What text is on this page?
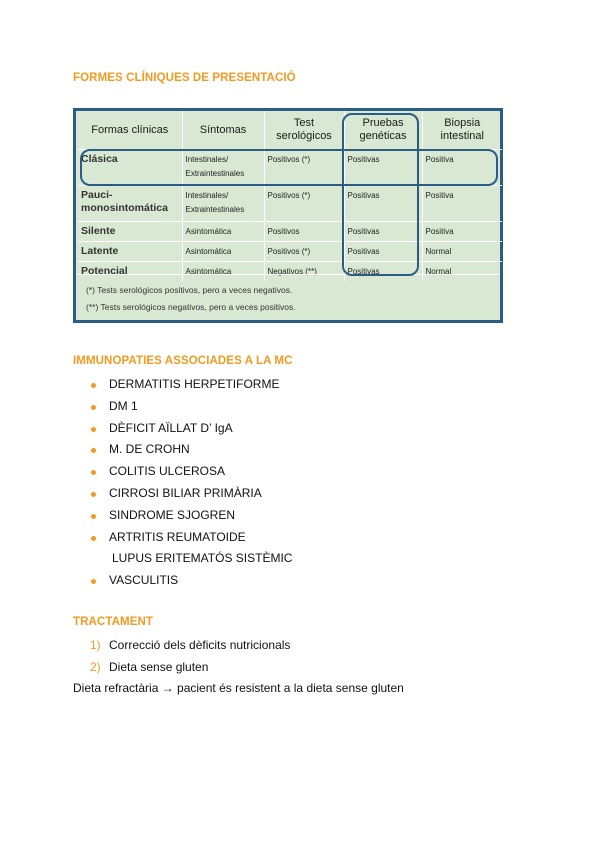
FORMES CLÍNIQUES DE PRESENTACIÓ
Formas clínicas	Síntomas	Test serológicos	Pruebas genéticas	Biopsia intestinal
Clásica	Intestinales/ Extraintestinales	Positivos (*)	Positivas	Positiva
Pauci-monosintomática	Intestinales/ Extraintestinales	Positivos (*)	Positivas	Positiva
Silente	Asintomática	Positivos	Positivas	Positiva
Latente	Asintomática	Positivos (*)	Positivas	Normal
Potencial	Asintomática	Negativos (**)	Positivas	Normal
(*) Tests serológicos positivos, pero a veces negativos.
(**) Tests serológicos negativos, pero a veces positivos.
IMMUNOPATIES ASSOCIADES A LA MC
DERMATITIS HERPETIFORME
DM 1
DÈFICIT AÏLLAT D’ IgA
M. DE CROHN
COLITIS ULCEROSA
CIRROSI BILIAR PRIMÀRIA
SINDROME SJOGREN
ARTRITIS REUMATOIDE
LUPUS ERITEMATÓS SISTÈMIC
VASCULITIS
TRACTAMENT
1) Correcció dels dèficits nutricionals
2) Dieta sense gluten
Dieta refractària → pacient és resistent a la dieta sense gluten
